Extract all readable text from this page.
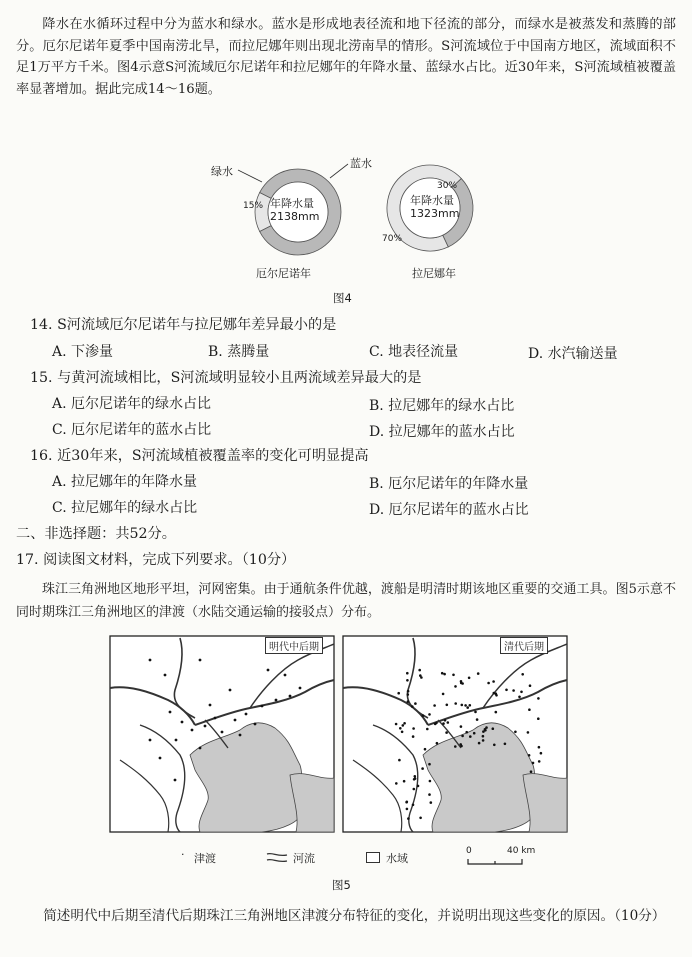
降水在水循环过程中分为蓝水和绿水。蓝水是形成地表径流和地下径流的部分，而绿水是被蒸发和蒸腾的部分。厄尔尼诺年夏季中国南涝北旱，而拉尼娜年则出现北涝南旱的情形。S河流域位于中国南方地区，流域面积不足1万平方千米。图4示意S河流域厄尔尼诺年和拉尼娜年的年降水量、蓝绿水占比。近30年来，S河流域植被覆盖率显著增加。据此完成14～16题。

绿水
蓝水
15% 年降水量
2138mm
厄尔尼诺年
30%
年降水量
1323mm
70%
拉尼娜年
图4
14. S河流域厄尔尼诺年与拉尼娜年差异最小的是
A. 下渗量	B. 蒸腾量	C. 地表径流量	D. 水汽输送量
15. 与黄河流域相比，S河流域明显较小且两流域差异最大的是
A. 厄尔尼诺年的绿水占比	B. 拉尼娜年的绿水占比
C. 厄尔尼诺年的蓝水占比	D. 拉尼娜年的蓝水占比
16. 近30年来，S河流域植被覆盖率的变化可明显提高
A. 拉尼娜年的年降水量	B. 厄尔尼诺年的年降水量
C. 拉尼娜年的绿水占比	D. 厄尔尼诺年的蓝水占比
二、非选择题：共52分。
17. 阅读图文材料，完成下列要求。（10分）

珠江三角洲地区地形平坦，河网密集。由于通航条件优越，渡船是明清时期该地区重要的交通工具。图5示意不同时期珠江三角洲地区的津渡（水陆交通运输的接驳点）分布。

明代中后期	清代后期
· 津渡	河流	水域
0	40 km
图5

简述明代中后期至清代后期珠江三角洲地区津渡分布特征的变化，并说明出现这些变化的原因。（10分）
